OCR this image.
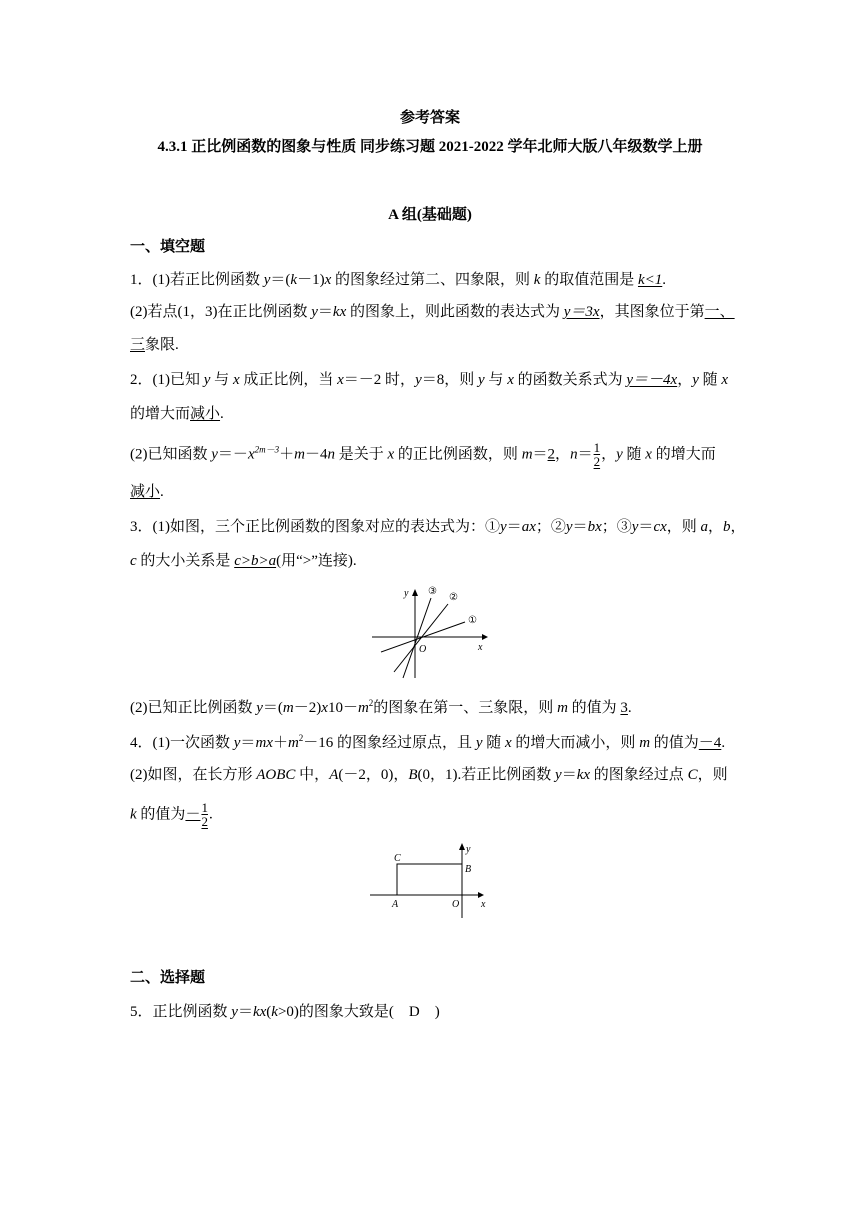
参考答案
4.3.1 正比例函数的图象与性质 同步练习题 2021-2022 学年北师大版八年级数学上册
A 组(基础题)
一、填空题
1．(1)若正比例函数 y＝(k－1)x 的图象经过第二、四象限，则 k 的取值范围是 k<1.
(2)若点(1，3)在正比例函数 y＝kx 的图象上，则此函数的表达式为 y＝3x，其图象位于第一、
三象限.
2．(1)已知 y 与 x 成正比例，当 x＝－2 时，y＝8，则 y 与 x 的函数关系式为 y＝－4x，y 随 x
的增大而减小.
(2)已知函数 $y=-x^{2m-3}+m-4n$ 是关于 x 的正比例函数，则 m＝2，$n= \frac{1}{2}$ ，y 随 x 的增大而
减小.
3．(1)如图，三个正比例函数的图象对应的表达式为：①y＝ax；②y＝bx；③y＝cx，则 a，b，
c 的大小关系是 c>b>a(用“>”连接).
y ③
②
①
O	x
(2)已知正比例函数 $y=(m-2)x10-m^2$的图象在第一、三象限，则 m 的值为 3.
4．(1)一次函数 $y=mx+m^2-16$ 的图象经过原点，且 y 随 x 的增大而减小，则 m 的值为－4.
(2)如图，在长方形 AOBC 中，A(－2，0)，B(0，1).若正比例函数 y＝kx 的图象经过点 C，则
k 的值为－ $\frac{1}{2}$ .
y
C
B
A	O x
二、选择题
5．正比例函数 y＝kx(k>0)的图象大致是(　D　)
